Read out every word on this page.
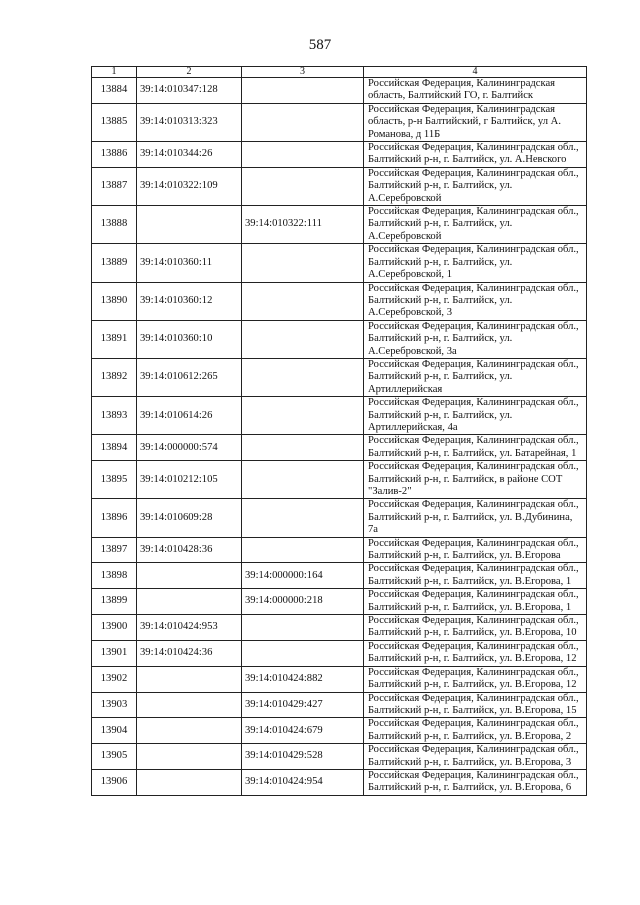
587
1	2	3	4
13884	39:14:010347:128		Российская Федерация, Калининградская область, Балтийский ГО, г. Балтийск
13885	39:14:010313:323		Российская Федерация, Калининградская область, р-н Балтийский, г Балтийск, ул А. Романова, д 11Б
13886	39:14:010344:26		Российская Федерация, Калининградская обл., Балтийский р-н, г. Балтийск, ул. А.Невского
13887	39:14:010322:109		Российская Федерация, Калининградская обл., Балтийский р-н, г. Балтийск, ул. А.Серебровской
13888		39:14:010322:111	Российская Федерация, Калининградская обл., Балтийский р-н, г. Балтийск, ул. А.Серебровской
13889	39:14:010360:11		Российская Федерация, Калининградская обл., Балтийский р-н, г. Балтийск, ул. А.Серебровской, 1
13890	39:14:010360:12		Российская Федерация, Калининградская обл., Балтийский р-н, г. Балтийск, ул. А.Серебровской, 3
13891	39:14:010360:10		Российская Федерация, Калининградская обл., Балтийский р-н, г. Балтийск, ул. А.Серебровской, 3а
13892	39:14:010612:265		Российская Федерация, Калининградская обл., Балтийский р-н, г. Балтийск, ул. Артиллерийская
13893	39:14:010614:26		Российская Федерация, Калининградская обл., Балтийский р-н, г. Балтийск, ул. Артиллерийская, 4а
13894	39:14:000000:574		Российская Федерация, Калининградская обл., Балтийский р-н, г. Балтийск, ул. Батарейная, 1
13895	39:14:010212:105		Российская Федерация, Калининградская обл., Балтийский р-н, г. Балтийск, в районе СОТ "Залив-2"
13896	39:14:010609:28		Российская Федерация, Калининградская обл., Балтийский р-н, г. Балтийск, ул. В.Дубинина, 7а
13897	39:14:010428:36		Российская Федерация, Калининградская обл., Балтийский р-н, г. Балтийск, ул. В.Егорова
13898		39:14:000000:164	Российская Федерация, Калининградская обл., Балтийский р-н, г. Балтийск, ул. В.Егорова, 1
13899		39:14:000000:218	Российская Федерация, Калининградская обл., Балтийский р-н, г. Балтийск, ул. В.Егорова, 1
13900	39:14:010424:953		Российская Федерация, Калининградская обл., Балтийский р-н, г. Балтийск, ул. В.Егорова, 10
13901	39:14:010424:36		Российская Федерация, Калининградская обл., Балтийский р-н, г. Балтийск, ул. В.Егорова, 12
13902		39:14:010424:882	Российская Федерация, Калининградская обл., Балтийский р-н, г. Балтийск, ул. В.Егорова, 12
13903		39:14:010429:427	Российская Федерация, Калининградская обл., Балтийский р-н, г. Балтийск, ул. В.Егорова, 15
13904		39:14:010424:679	Российская Федерация, Калининградская обл., Балтийский р-н, г. Балтийск, ул. В.Егорова, 2
13905		39:14:010429:528	Российская Федерация, Калининградская обл., Балтийский р-н, г. Балтийск, ул. В.Егорова, 3
13906		39:14:010424:954	Российская Федерация, Калининградская обл., Балтийский р-н, г. Балтийск, ул. В.Егорова, 6
